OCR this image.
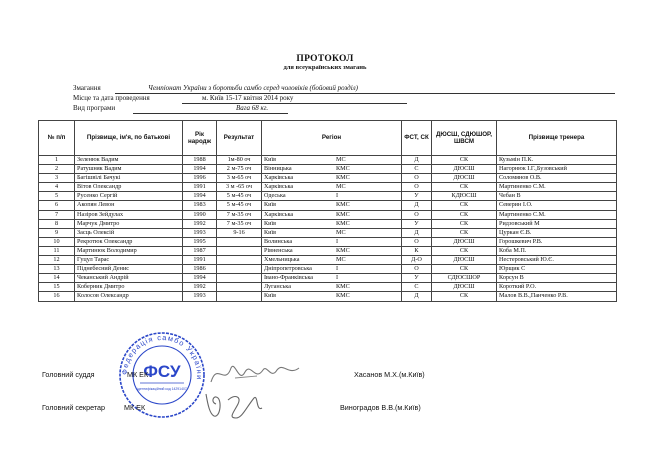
ПРОТОКОЛ
для всеукраїнських змагань
Змагання	Чемпіонат України з боротьби самбо серед чоловіків (бойовий розділ)
Місце та дата проведення	м. Київ 15-17 квітня 2014 року
Вид програми	Вага 68 кг.
№ п/п	Прізвище, ім'я, по батькові	Рік народж	Результат	Регіон	ФСТ, СК	ДЮСШ, СДЮШОР, ШВСМ	Прізвище тренера
1	Зеленюк Вадим	1988	1м-80 оч	Київ МС	Д	СК	Кузьмін П.К.
2	Ратушняк Вадим	1994	2 м-75 оч	Вінницька КМС	С	ДЮСШ	Нагорнюк І.Г.,Бузовський
3	Багішвілі Бачукі	1996	3 м-65 оч	Харківська КМС	О	ДЮСШ	Соломянов О.В.
4	Вітов Олександр	1991	3 м -65 оч	Харківська МС	О	СК	Мартиненко С.М.
5	Русенко Сергій	1994	5 м-45 оч	Одеська І	У	КДЮСШ	Чебан В
6	Акопян Левон	1983	5 м-45 оч	Київ КМС	Д	СК	Северин І.О.
7	Назіров Зейдулах	1990	7 м-35 оч	Харківська КМС	О	СК	Мартиненко С.М.
8	Марчук Дмитро	1992	7 м-35 оч	Київ КМС	У	СК	Ридзовський М
9	Засць Олексій	1993	9-16	Київ МС	Д	СК	Цуркан Є.В.
10	Рекротюк Олександр	1995		Волинська І	О	ДЮСШ	Горошкевич Р.В.
11	Мартинюк Володимир	1987		Рівненська КМС	К	СК	Коба М.П.
12	Гуцул Тарас	1991		Хмельницька МС	Д-О	ДЮСШ	Нестеровський Ю.Є.
13	Піднебесний Денис	1986		Дніпропетровська І	О	СК	Юрщик С
14	Чеканський Андрій	1994		Івано-Франківська І	У	СДЮСШОР	Корсун В
15	Коберник Дмитро	1992		Луганська КМС	С	ДЮСШ	Короткий Р.О.
16	Колосов Олександр	1993		Київ КМС	Д	СК	Малов В.В.,Панченко Р.В.
Федерація самбо України
ФСУ
ідентифікаційний код 14291407
Головний суддя	МК ЕК	Хасанов М.Х.(м.Київ)
Головний секретар	МК ЕК	Виноградов В.В.(м.Київ)
